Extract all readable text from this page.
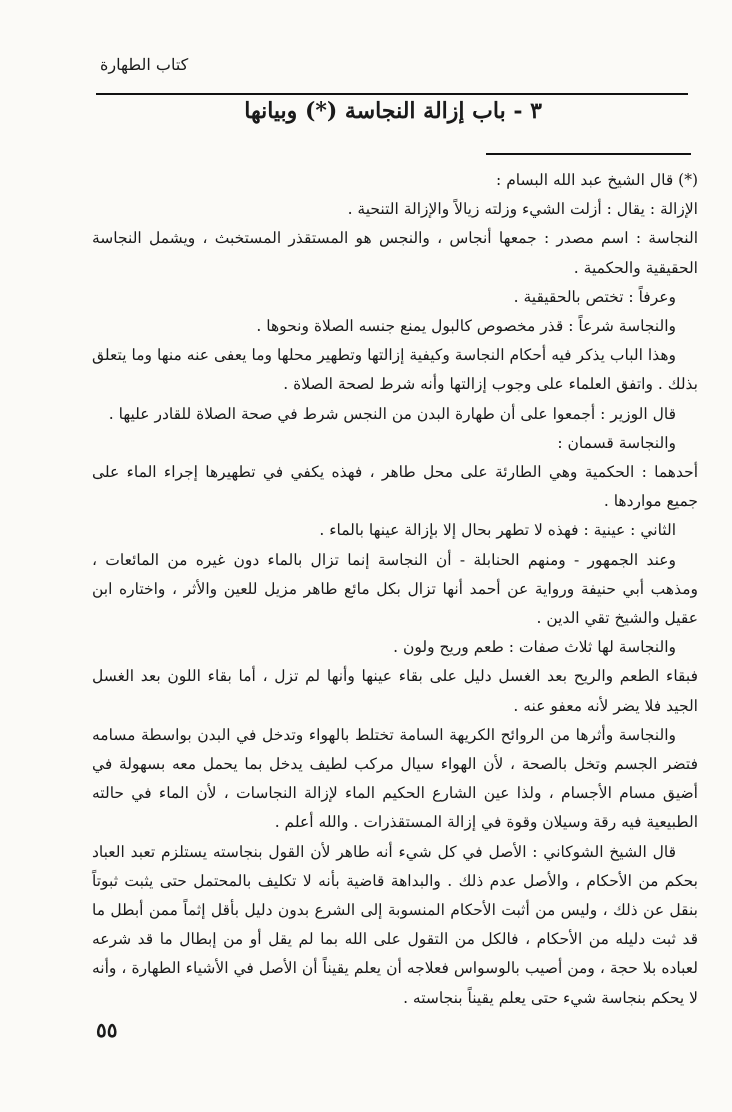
كتاب الطهارة
٣ - باب إزالة النجاسة (*) وبيانها

(*) قال الشيخ عبد الله البسام :

الإزالة : يقال : أزلت الشيء وزلته زيالاً والإزالة التنحية .

النجاسة : اسم مصدر : جمعها أنجاس ، والنجس هو المستقذر المستخبث ، ويشمل النجاسة الحقيقية والحكمية .

وعرفاً : تختص بالحقيقية .

والنجاسة شرعاً : قذر مخصوص كالبول يمنع جنسه الصلاة ونحوها .

وهذا الباب يذكر فيه أحكام النجاسة وكيفية إزالتها وتطهير محلها وما يعفى عنه منها وما يتعلق بذلك . واتفق العلماء على وجوب إزالتها وأنه شرط لصحة الصلاة .

قال الوزير : أجمعوا على أن طهارة البدن من النجس شرط في صحة الصلاة للقادر عليها .

والنجاسة قسمان :

أحدهما : الحكمية وهي الطارئة على محل طاهر ، فهذه يكفي في تطهيرها إجراء الماء على جميع مواردها .

الثاني : عينية : فهذه لا تطهر بحال إلا بإزالة عينها بالماء .

وعند الجمهور - ومنهم الحنابلة - أن النجاسة إنما تزال بالماء دون غيره من المائعات ، ومذهب أبي حنيفة ورواية عن أحمد أنها تزال بكل مائع طاهر مزيل للعين والأثر ، واختاره ابن عقيل والشيخ تقي الدين .

والنجاسة لها ثلاث صفات : طعم وريح ولون .

فبقاء الطعم والريح بعد الغسل دليل على بقاء عينها وأنها لم تزل ، أما بقاء اللون بعد الغسل الجيد فلا يضر لأنه معفو عنه .

والنجاسة وأثرها من الروائح الكريهة السامة تختلط بالهواء وتدخل في البدن بواسطة مسامه فتضر الجسم وتخل بالصحة ، لأن الهواء سيال مركب لطيف يدخل بما يحمل معه بسهولة في أضيق مسام الأجسام ، ولذا عين الشارع الحكيم الماء لإزالة النجاسات ، لأن الماء في حالته الطبيعية فيه رقة وسيلان وقوة في إزالة المستقذرات . والله أعلم .

قال الشيخ الشوكاني : الأصل في كل شيء أنه طاهر لأن القول بنجاسته يستلزم تعبد العباد بحكم من الأحكام ، والأصل عدم ذلك . والبداهة قاضية بأنه لا تكليف بالمحتمل حتى يثبت ثبوتاً بنقل عن ذلك ، وليس من أثبت الأحكام المنسوبة إلى الشرع بدون دليل بأقل إثماً ممن أبطل ما قد ثبت دليله من الأحكام ، فالكل من التقول على الله بما لم يقل أو من إبطال ما قد شرعه لعباده بلا حجة ، ومن أصيب بالوسواس فعلاجه أن يعلم يقيناً أن الأصل في الأشياء الطهارة ، وأنه لا يحكم بنجاسة شيء حتى يعلم يقيناً بنجاسته .

٥٥
